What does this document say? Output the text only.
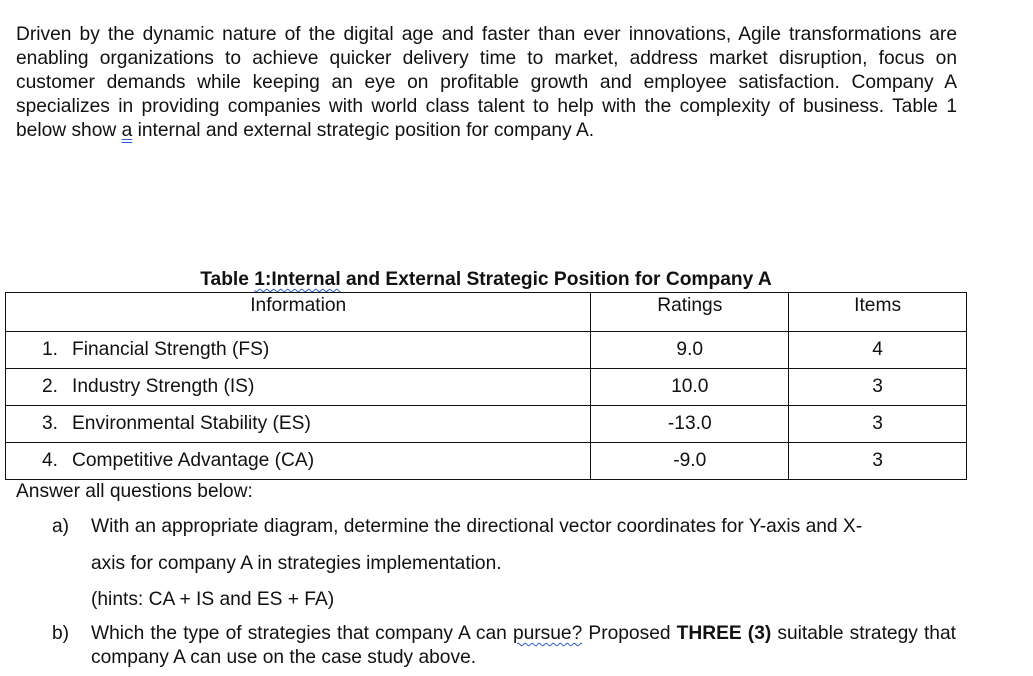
Driven by the dynamic nature of the digital age and faster than ever innovations, Agile transformations are enabling organizations to achieve quicker delivery time to market, address market disruption, focus on customer demands while keeping an eye on profitable growth and employee satisfaction. Company A specializes in providing companies with world class talent to help with the complexity of business. Table 1 below show a internal and external strategic position for company A.

Table 1:Internal and External Strategic Position for Company A
Information	Ratings	Items
1. Financial Strength (FS)	9.0	4
2. Industry Strength (IS)	10.0	3
3. Environmental Stability (ES)	-13.0	3
4. Competitive Advantage (CA)	-9.0	3
Answer all questions below:
a) With an appropriate diagram, determine the directional vector coordinates for Y-axis and X-
axis for company A in strategies implementation.
(hints: CA + IS and ES + FA)
b) Which the type of strategies that company A can pursue? Proposed THREE (3) suitable strategy that company A can use on the case study above.
